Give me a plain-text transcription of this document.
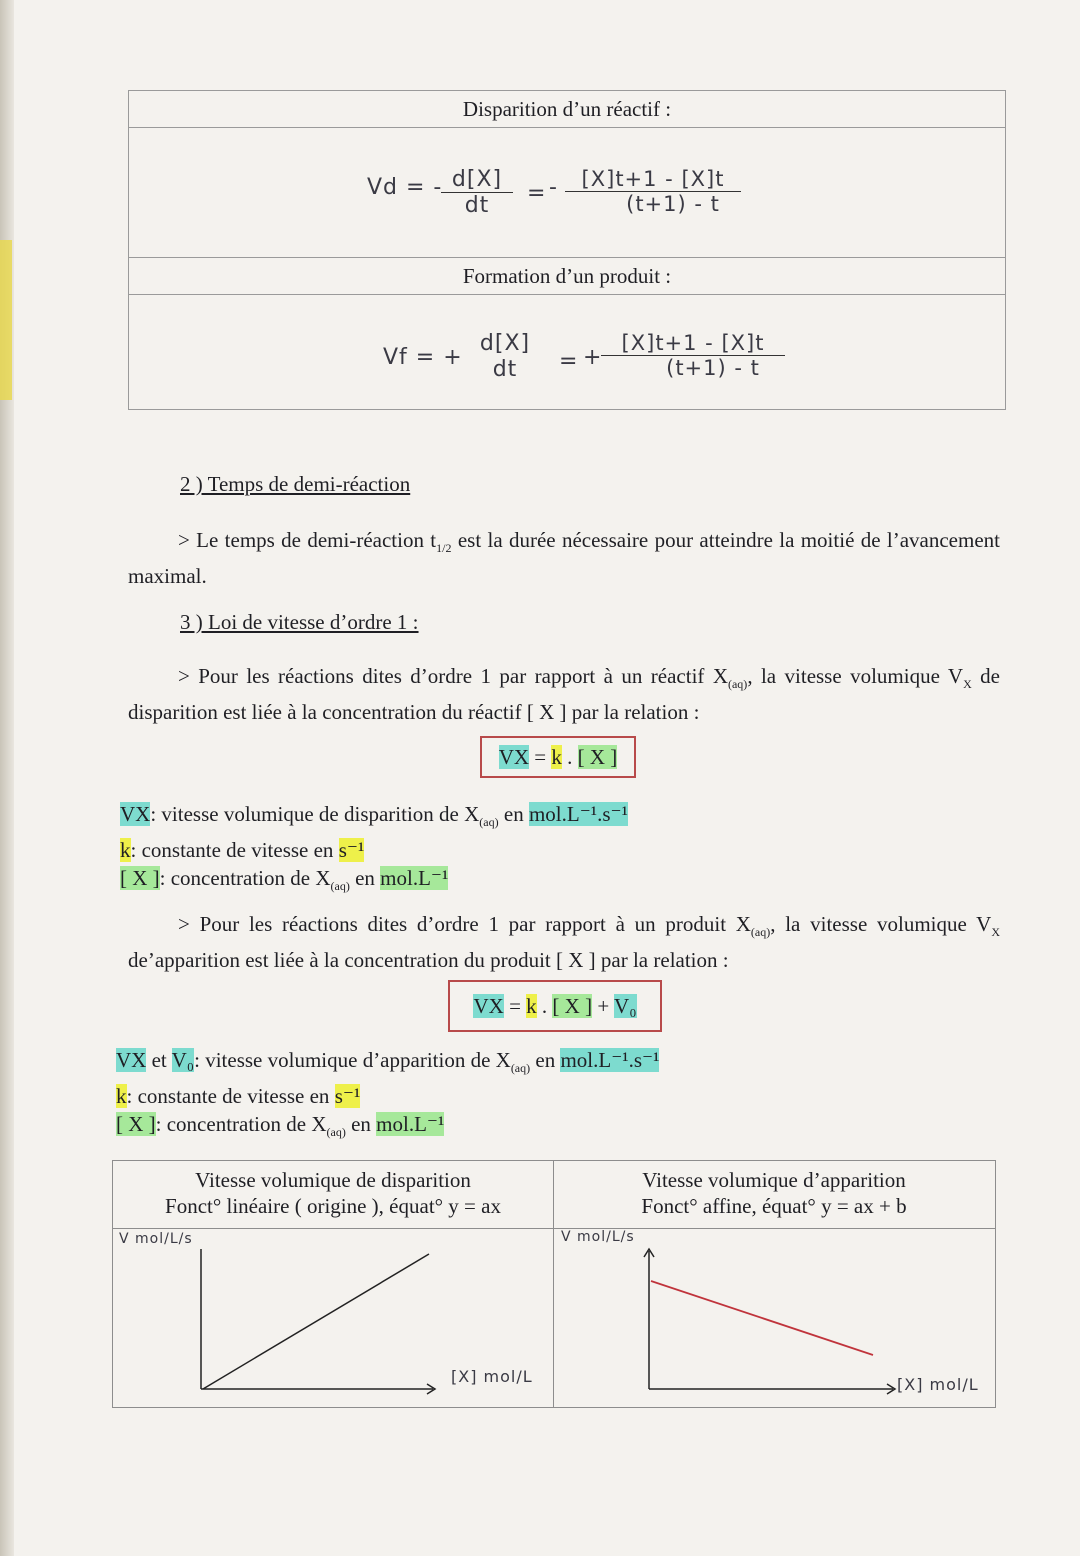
Disparition d’un réactif :
Vd = -
$\frac{d[X]}{dt}$ = - $\frac{[X]t+1 - [X]t}{(t+1) - t}$
Formation d’un produit :
Vf = +
d[X]
dt	= +
$\frac{[X]t+1 - [X]t}{(t+1) - t}$
2 ) Temps de demi-réaction
> Le temps de demi-réaction $t_{1/2}$ est la durée nécessaire pour atteindre la moitié de l’avancement maximal.
3 ) Loi de vitesse d’ordre 1 :
> Pour les réactions dites d’ordre 1 par rapport à un réactif $X_{(aq)}$, la vitesse volumique $V_X$ de disparition est liée à la concentration du réactif [ X ] par la relation :
VX = k . [ X ]
VX: vitesse volumique de disparition de $X_{(aq)}$ en mol.L⁻¹.s⁻¹
k: constante de vitesse en s⁻¹
[ X ]: concentration de $X_{(aq)}$ en mol.L⁻¹
> Pour les réactions dites d’ordre 1 par rapport à un produit $X_{(aq)}$, la vitesse volumique $V_X$ de’apparition est liée à la concentration du produit [ X ] par la relation :
VX = k . [ X ] + V₀
VX et V₀: vitesse volumique d’apparition de $X_{(aq)}$ en mol.L⁻¹.s⁻¹
k: constante de vitesse en s⁻¹
[ X ]: concentration de $X_{(aq)}$ en mol.L⁻¹
Vitesse volumique de disparition
Fonct° linéaire ( origine ), équat° y = ax
V mol/L/s
[X] mol/L
Vitesse volumique d’apparition
Fonct° affine, équat° y = ax + b
V mol/L/s
[X] mol/L
